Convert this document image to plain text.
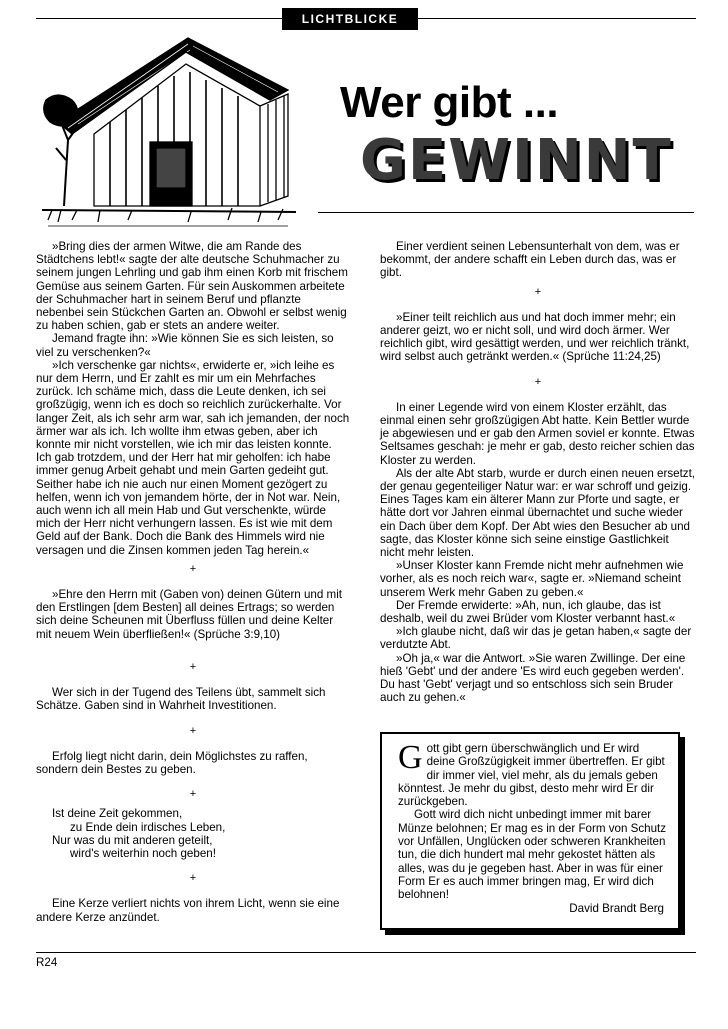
LICHTBLICKE
Wer gibt ...
GEWINNT

»Bring dies der armen Witwe, die am Rande des Städtchens lebt!« sagte der alte deutsche Schuhmacher zu seinem jungen Lehrling und gab ihm einen Korb mit frischem Gemüse aus seinem Garten. Für sein Auskommen arbeitete der Schuhmacher hart in seinem Beruf und pflanzte nebenbei sein Stückchen Garten an. Obwohl er selbst wenig zu haben schien, gab er stets an andere weiter.

Jemand fragte ihn: »Wie können Sie es sich leisten, so viel zu verschenken?«

»Ich verschenke gar nichts«, erwiderte er, »ich leihe es nur dem Herrn, und Er zahlt es mir um ein Mehrfaches zurück. Ich schäme mich, dass die Leute denken, ich sei großzügig, wenn ich es doch so reichlich zurückerhalte. Vor langer Zeit, als ich sehr arm war, sah ich jemanden, der noch ärmer war als ich. Ich wollte ihm etwas geben, aber ich konnte mir nicht vorstellen, wie ich mir das leisten konnte. Ich gab trotzdem, und der Herr hat mir geholfen: ich habe immer genug Arbeit gehabt und mein Garten gedeiht gut. Seither habe ich nie auch nur einen Moment gezögert zu helfen, wenn ich von jemandem hörte, der in Not war. Nein, auch wenn ich all mein Hab und Gut verschenkte, würde mich der Herr nicht verhungern lassen. Es ist wie mit dem Geld auf der Bank. Doch die Bank des Himmels wird nie versagen und die Zinsen kommen jeden Tag herein.«

+

»Ehre den Herrn mit (Gaben von) deinen Gütern und mit den Erstlingen [dem Besten] all deines Ertrags; so werden sich deine Scheunen mit Überfluss füllen und deine Kelter mit neuem Wein überfließen!« (Sprüche 3:9,10)

+

Wer sich in der Tugend des Teilens übt, sammelt sich Schätze. Gaben sind in Wahrheit Investitionen.

+

Erfolg liegt nicht darin, dein Möglichstes zu raffen, sondern dein Bestes zu geben.

+

Ist deine Zeit gekommen,
zu Ende dein irdisches Leben,
Nur was du mit anderen geteilt,
wird's weiterhin noch geben!

+

Eine Kerze verliert nichts von ihrem Licht, wenn sie eine andere Kerze anzündet.

Einer verdient seinen Lebensunterhalt von dem, was er bekommt, der andere schafft ein Leben durch das, was er gibt.

+

»Einer teilt reichlich aus und hat doch immer mehr; ein anderer geizt, wo er nicht soll, und wird doch ärmer. Wer reichlich gibt, wird gesättigt werden, und wer reichlich tränkt, wird selbst auch getränkt werden.« (Sprüche 11:24,25)

+

In einer Legende wird von einem Kloster erzählt, das einmal einen sehr großzügigen Abt hatte. Kein Bettler wurde je abgewiesen und er gab den Armen soviel er konnte. Etwas Seltsames geschah: je mehr er gab, desto reicher schien das Kloster zu werden.

Als der alte Abt starb, wurde er durch einen neuen ersetzt, der genau gegenteiliger Natur war: er war schroff und geizig. Eines Tages kam ein älterer Mann zur Pforte und sagte, er hätte dort vor Jahren einmal übernachtet und suche wieder ein Dach über dem Kopf. Der Abt wies den Besucher ab und sagte, das Kloster könne sich seine einstige Gastlichkeit nicht mehr leisten.

»Unser Kloster kann Fremde nicht mehr aufnehmen wie vorher, als es noch reich war«, sagte er. »Niemand scheint unserem Werk mehr Gaben zu geben.«

Der Fremde erwiderte: »Ah, nun, ich glaube, das ist deshalb, weil du zwei Brüder vom Kloster verbannt hast.«

»Ich glaube nicht, daß wir das je getan haben,« sagte der verdutzte Abt.

»Oh ja,« war die Antwort. »Sie waren Zwillinge. Der eine hieß 'Gebt' und der andere 'Es wird euch gegeben werden'. Du hast 'Gebt' verjagt und so entschloss sich sein Bruder auch zu gehen.«

G ott gibt gern überschwänglich und Er wird deine Großzügigkeit immer übertreffen. Er gibt dir immer viel, viel mehr, als du jemals geben könntest. Je mehr du gibst, desto mehr wird Er dir zurückgeben.

Gott wird dich nicht unbedingt immer mit barer Münze belohnen; Er mag es in der Form von Schutz vor Unfällen, Unglücken oder schweren Krankheiten tun, die dich hundert mal mehr gekostet hätten als alles, was du je gegeben hast. Aber in was für einer Form Er es auch immer bringen mag, Er wird dich belohnen!

David Brandt Berg

R24
